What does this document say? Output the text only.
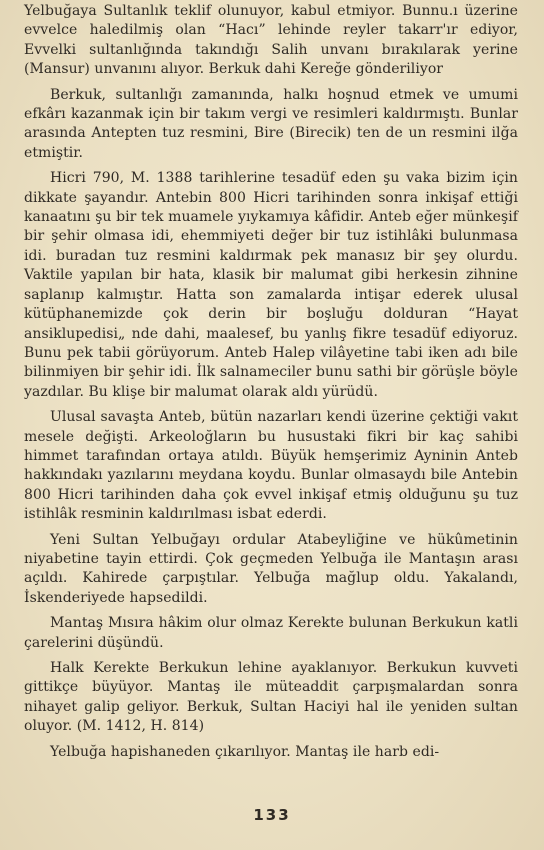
Yelbuğaya Sultanlık teklif olunuyor, kabul etmiyor. Bunnu.ı üzerine evvelce haledilmiş olan “Hacı” lehinde reyler takarr'ır ediyor, Evvelki sultanlığında takındığı Salih unvanı bırakılarak yerine (Mansur) unvanını alıyor. Berkuk dahi Kereğe gönderiliyor

Berkuk, sultanlığı zamanında, halkı hoşnud etmek ve umumi efkârı kazanmak için bir takım vergi ve resimleri kaldırmıştı. Bunlar arasında Antepten tuz resmini, Bire (Birecik) ten de un resmini ilğa etmiştir.

Hicri 790, M. 1388 tarihlerine tesadüf eden şu vaka bizim için dikkate şayandır. Antebin 800 Hicri tarihinden sonra inkişaf ettiği kanaatını şu bir tek muamele yıykamıya kâfidir. Anteb eğer münkeşif bir şehir olmasa idi, ehemmiyeti değer bir tuz istihlâki bulunmasa idi. buradan tuz resmini kaldırmak pek manasız bir şey olurdu. Vaktile yapılan bir hata, klasik bir malumat gibi herkesin zihnine saplanıp kalmıştır. Hatta son zamalarda intişar ederek ulusal kütüphanemizde çok derin bir boşluğu dolduran “Hayat ansiklupedisi„ nde dahi, maalesef, bu yanlış fikre tesadüf ediyoruz. Bunu pek tabii görüyorum. Anteb Halep vilâyetine tabi iken adı bile bilinmiyen bir şehir idi. İlk salnameciler bunu sathi bir görüşle böyle yazdılar. Bu klişe bir malumat olarak aldı yürüdü.

Ulusal savaşta Anteb, bütün nazarları kendi üzerine çektiği vakıt mesele değişti. Arkeoloğların bu husustaki fikri bir kaç sahibi himmet tarafından ortaya atıldı. Büyük hemşerimiz Ayninin Anteb hakkındakı yazılarını meydana koydu. Bunlar olmasaydı bile Antebin 800 Hicri tarihinden daha çok evvel inkişaf etmiş olduğunu şu tuz istihlâk resminin kaldırılması isbat ederdi.

Yeni Sultan Yelbuğayı ordular Atabeyliğine ve hükûmetinin niyabetine tayin ettirdi. Çok geçmeden Yelbuğa ile Mantaşın arası açıldı. Kahirede çarpıştılar. Yelbuğa mağlup oldu. Yakalandı, İskenderiyede hapsedildi.

Mantaş Mısıra hâkim olur olmaz Kerekte bulunan Berkukun katli çarelerini düşündü.

Halk Kerekte Berkukun lehine ayaklanıyor. Berkukun kuvveti gittikçe büyüyor. Mantaş ile müteaddit çarpışmalardan sonra nihayet galip geliyor. Berkuk, Sultan Haciyi hal ile yeniden sultan oluyor. (M. 1412, H. 814)

Yelbuğa hapishaneden çıkarılıyor. Mantaş ile harb edi-

133
